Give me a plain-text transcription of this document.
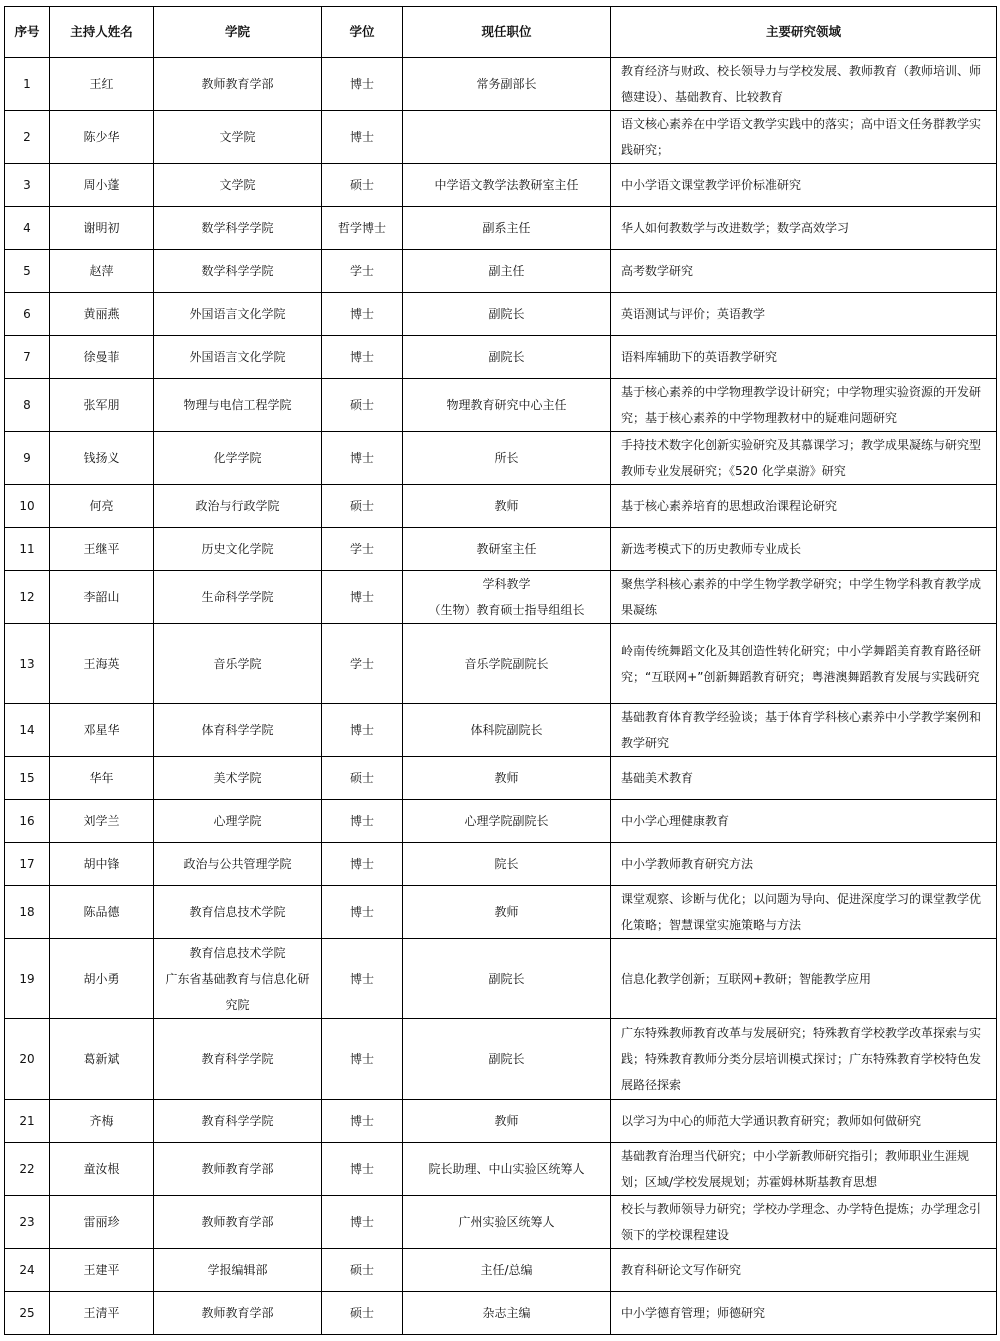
序号	主持人姓名	学院	学位	现任职位	主要研究领域
1	王红	教师教育学部	博士	常务副部长	教育经济与财政、校长领导力与学校发展、教师教育（教师培训、师德建设）、基础教育、比较教育
2	陈少华	文学院	博士		语文核心素养在中学语文教学实践中的落实；高中语文任务群教学实践研究；
3	周小蓬	文学院	硕士	中学语文教学法教研室主任	中小学语文课堂教学评价标准研究
4	谢明初	数学科学学院	哲学博士	副系主任	华人如何教数学与改进数学；数学高效学习
5	赵萍	数学科学学院	学士	副主任	高考数学研究
6	黄丽燕	外国语言文化学院	博士	副院长	英语测试与评价；英语教学
7	徐曼菲	外国语言文化学院	博士	副院长	语料库辅助下的英语教学研究
8	张军朋	物理与电信工程学院	硕士	物理教育研究中心主任	基于核心素养的中学物理教学设计研究；中学物理实验资源的开发研究；基于核心素养的中学物理教材中的疑难问题研究
9	钱扬义	化学学院	博士	所长	手持技术数字化创新实验研究及其慕课学习；教学成果凝练与研究型教师专业发展研究；《520 化学桌游》研究
10	何亮	政治与行政学院	硕士	教师	基于核心素养培育的思想政治课程论研究
11	王继平	历史文化学院	学士	教研室主任	新选考模式下的历史教师专业成长
12	李韶山	生命科学学院	博士	学科教学
（生物）教育硕士指导组组长	聚焦学科核心素养的中学生物学教学研究；中学生物学科教育教学成果凝练
13	王海英	音乐学院	学士	音乐学院副院长	岭南传统舞蹈文化及其创造性转化研究；中小学舞蹈美育教育路径研究；“互联网+”创新舞蹈教育研究；粤港澳舞蹈教育发展与实践研究
14	邓星华	体育科学学院	博士	体科院副院长	基础教育体育教学经验谈；基于体育学科核心素养中小学教学案例和教学研究
15	华年	美术学院	硕士	教师	基础美术教育
16	刘学兰	心理学院	博士	心理学院副院长	中小学心理健康教育
17	胡中锋	政治与公共管理学院	博士	院长	中小学教师教育研究方法
18	陈品德	教育信息技术学院	博士	教师	课堂观察、诊断与优化；以问题为导向、促进深度学习的课堂教学优化策略；智慧课堂实施策略与方法
19	胡小勇	教育信息技术学院
广东省基础教育与信息化研究院	博士	副院长	信息化教学创新；互联网+教研；智能教学应用
20	葛新斌	教育科学学院	博士	副院长	广东特殊教师教育改革与发展研究；特殊教育学校教学改革探索与实践；特殊教育教师分类分层培训模式探讨；广东特殊教育学校特色发展路径探索
21	齐梅	教育科学学院	博士	教师	以学习为中心的师范大学通识教育研究；教师如何做研究
22	童汝根	教师教育学部	博士	院长助理、中山实验区统筹人	基础教育治理当代研究；中小学新教师研究指引；教师职业生涯规划；区域/学校发展规划；苏霍姆林斯基教育思想
23	雷丽珍	教师教育学部	博士	广州实验区统筹人	校长与教师领导力研究；学校办学理念、办学特色提炼；办学理念引领下的学校课程建设
24	王建平	学报编辑部	硕士	主任/总编	教育科研论文写作研究
25	王清平	教师教育学部	硕士	杂志主编	中小学德育管理；师德研究
